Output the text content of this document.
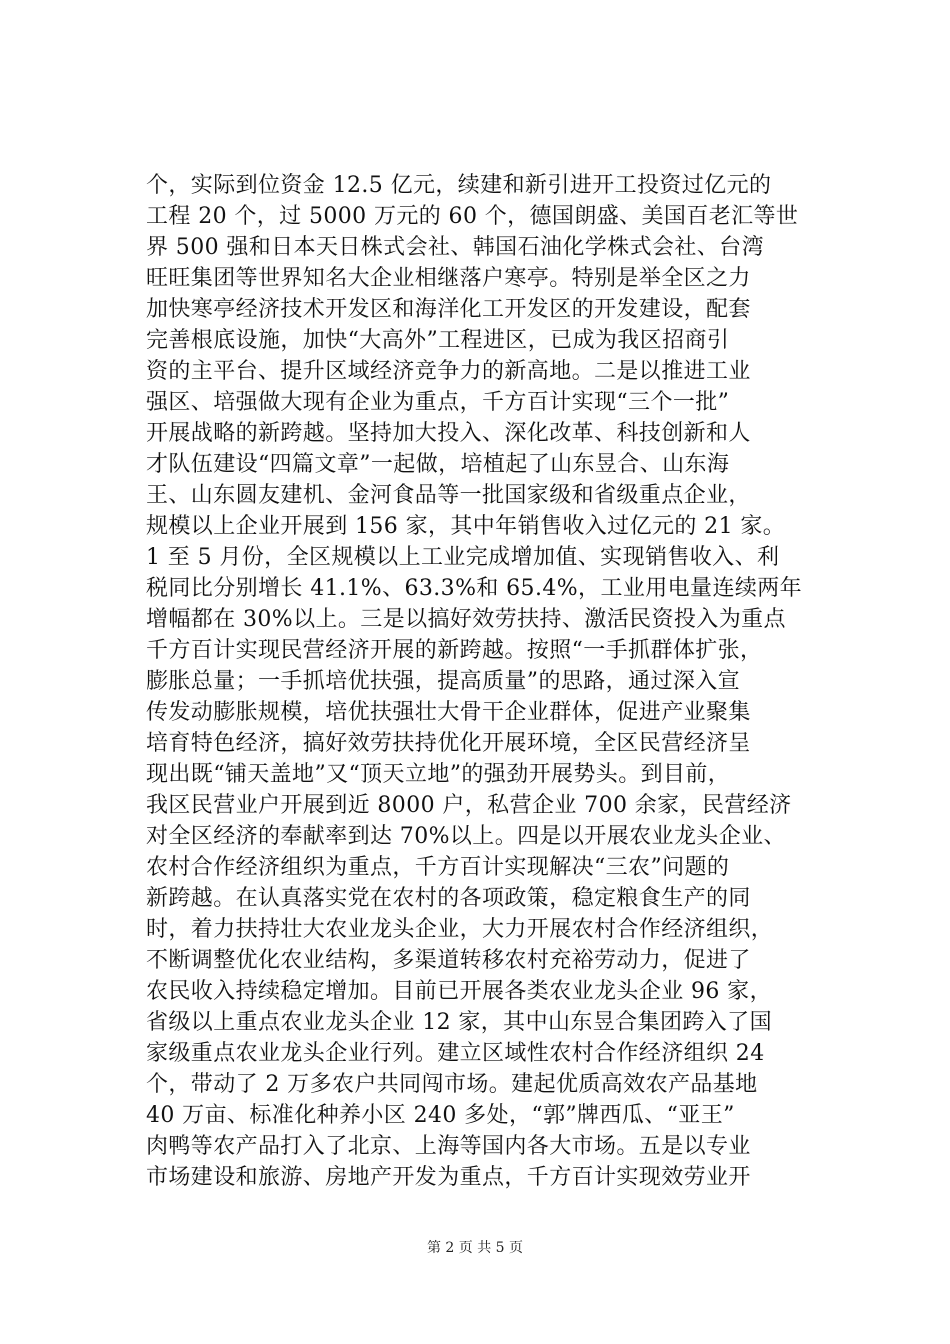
个，实际到位资金 12.5 亿元，续建和新引进开工投资过亿元的
工程 20 个，过 5000 万元的 60 个，德国朗盛、美国百老汇等世
界 500 强和日本天日株式会社、韩国石油化学株式会社、台湾
旺旺集团等世界知名大企业相继落户寒亭。特别是举全区之力
加快寒亭经济技术开发区和海洋化工开发区的开发建设，配套
完善根底设施，加快“大高外”工程进区，已成为我区招商引
资的主平台、提升区域经济竞争力的新高地。二是以推进工业
强区、培强做大现有企业为重点，千方百计实现“三个一批”
开展战略的新跨越。坚持加大投入、深化改革、科技创新和人
才队伍建设“四篇文章”一起做，培植起了山东昱合、山东海
王、山东圆友建机、金河食品等一批国家级和省级重点企业，
规模以上企业开展到 156 家，其中年销售收入过亿元的 21 家。
1 至 5 月份，全区规模以上工业完成增加值、实现销售收入、利
税同比分别增长 41.1%、63.3%和 65.4%，工业用电量连续两年
增幅都在 30%以上。三是以搞好效劳扶持、激活民资投入为重点
千方百计实现民营经济开展的新跨越。按照“一手抓群体扩张，
膨胀总量；一手抓培优扶强，提高质量”的思路，通过深入宣
传发动膨胀规模，培优扶强壮大骨干企业群体，促进产业聚集
培育特色经济，搞好效劳扶持优化开展环境，全区民营经济呈
现出既“铺天盖地”又“顶天立地”的强劲开展势头。到目前，
我区民营业户开展到近 8000 户，私营企业 700 余家，民营经济
对全区经济的奉献率到达 70%以上。四是以开展农业龙头企业、
农村合作经济组织为重点，千方百计实现解决“三农”问题的
新跨越。在认真落实党在农村的各项政策，稳定粮食生产的同
时，着力扶持壮大农业龙头企业，大力开展农村合作经济组织，
不断调整优化农业结构，多渠道转移农村充裕劳动力，促进了
农民收入持续稳定增加。目前已开展各类农业龙头企业 96 家，
省级以上重点农业龙头企业 12 家，其中山东昱合集团跨入了国
家级重点农业龙头企业行列。建立区域性农村合作经济组织 24
个，带动了 2 万多农户共同闯市场。建起优质高效农产品基地
40 万亩、标准化种养小区 240 多处，“郭”牌西瓜、“亚王”
肉鸭等农产品打入了北京、上海等国内各大市场。五是以专业
市场建设和旅游、房地产开发为重点，千方百计实现效劳业开
第 2 页 共 5 页
